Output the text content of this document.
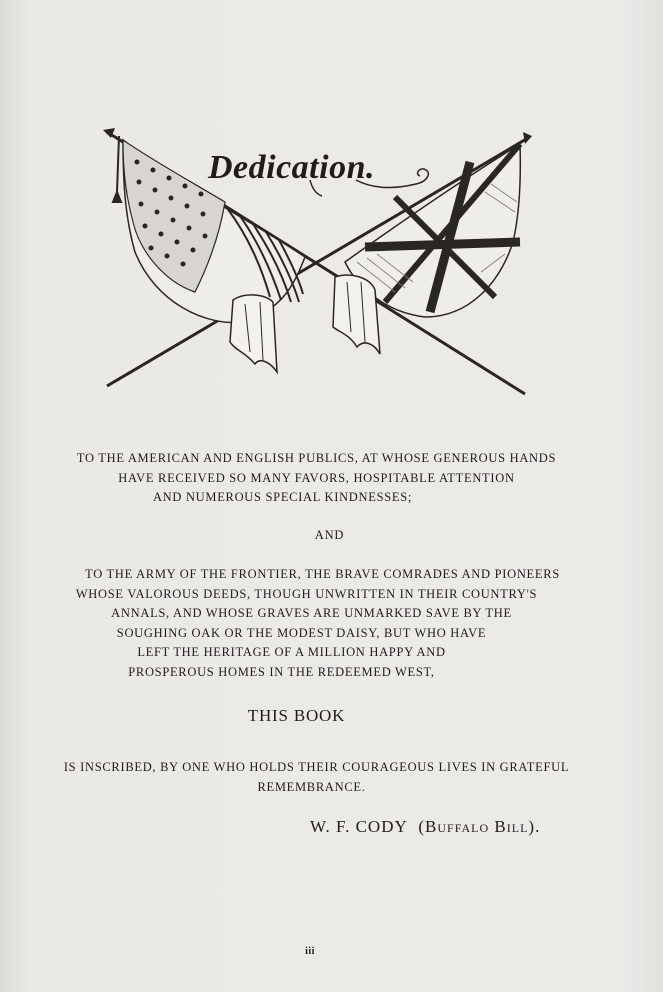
Dedication.
TO THE AMERICAN AND ENGLISH PUBLICS, AT WHOSE GENEROUS HANDS
HAVE RECEIVED SO MANY FAVORS, HOSPITABLE ATTENTION
AND NUMEROUS SPECIAL KINDNESSES;
AND
TO THE ARMY OF THE FRONTIER, THE BRAVE COMRADES AND PIONEERS
WHOSE VALOROUS DEEDS, THOUGH UNWRITTEN IN THEIR COUNTRY'S
ANNALS, AND WHOSE GRAVES ARE UNMARKED SAVE BY THE
SOUGHING OAK OR THE MODEST DAISY, BUT WHO HAVE
LEFT THE HERITAGE OF A MILLION HAPPY AND
PROSPEROUS HOMES IN THE REDEEMED WEST,
THIS BOOK
IS INSCRIBED, BY ONE WHO HOLDS THEIR COURAGEOUS LIVES IN GRATEFUL
REMEMBRANCE.
W. F. CODY (Buffalo Bill).
iii
